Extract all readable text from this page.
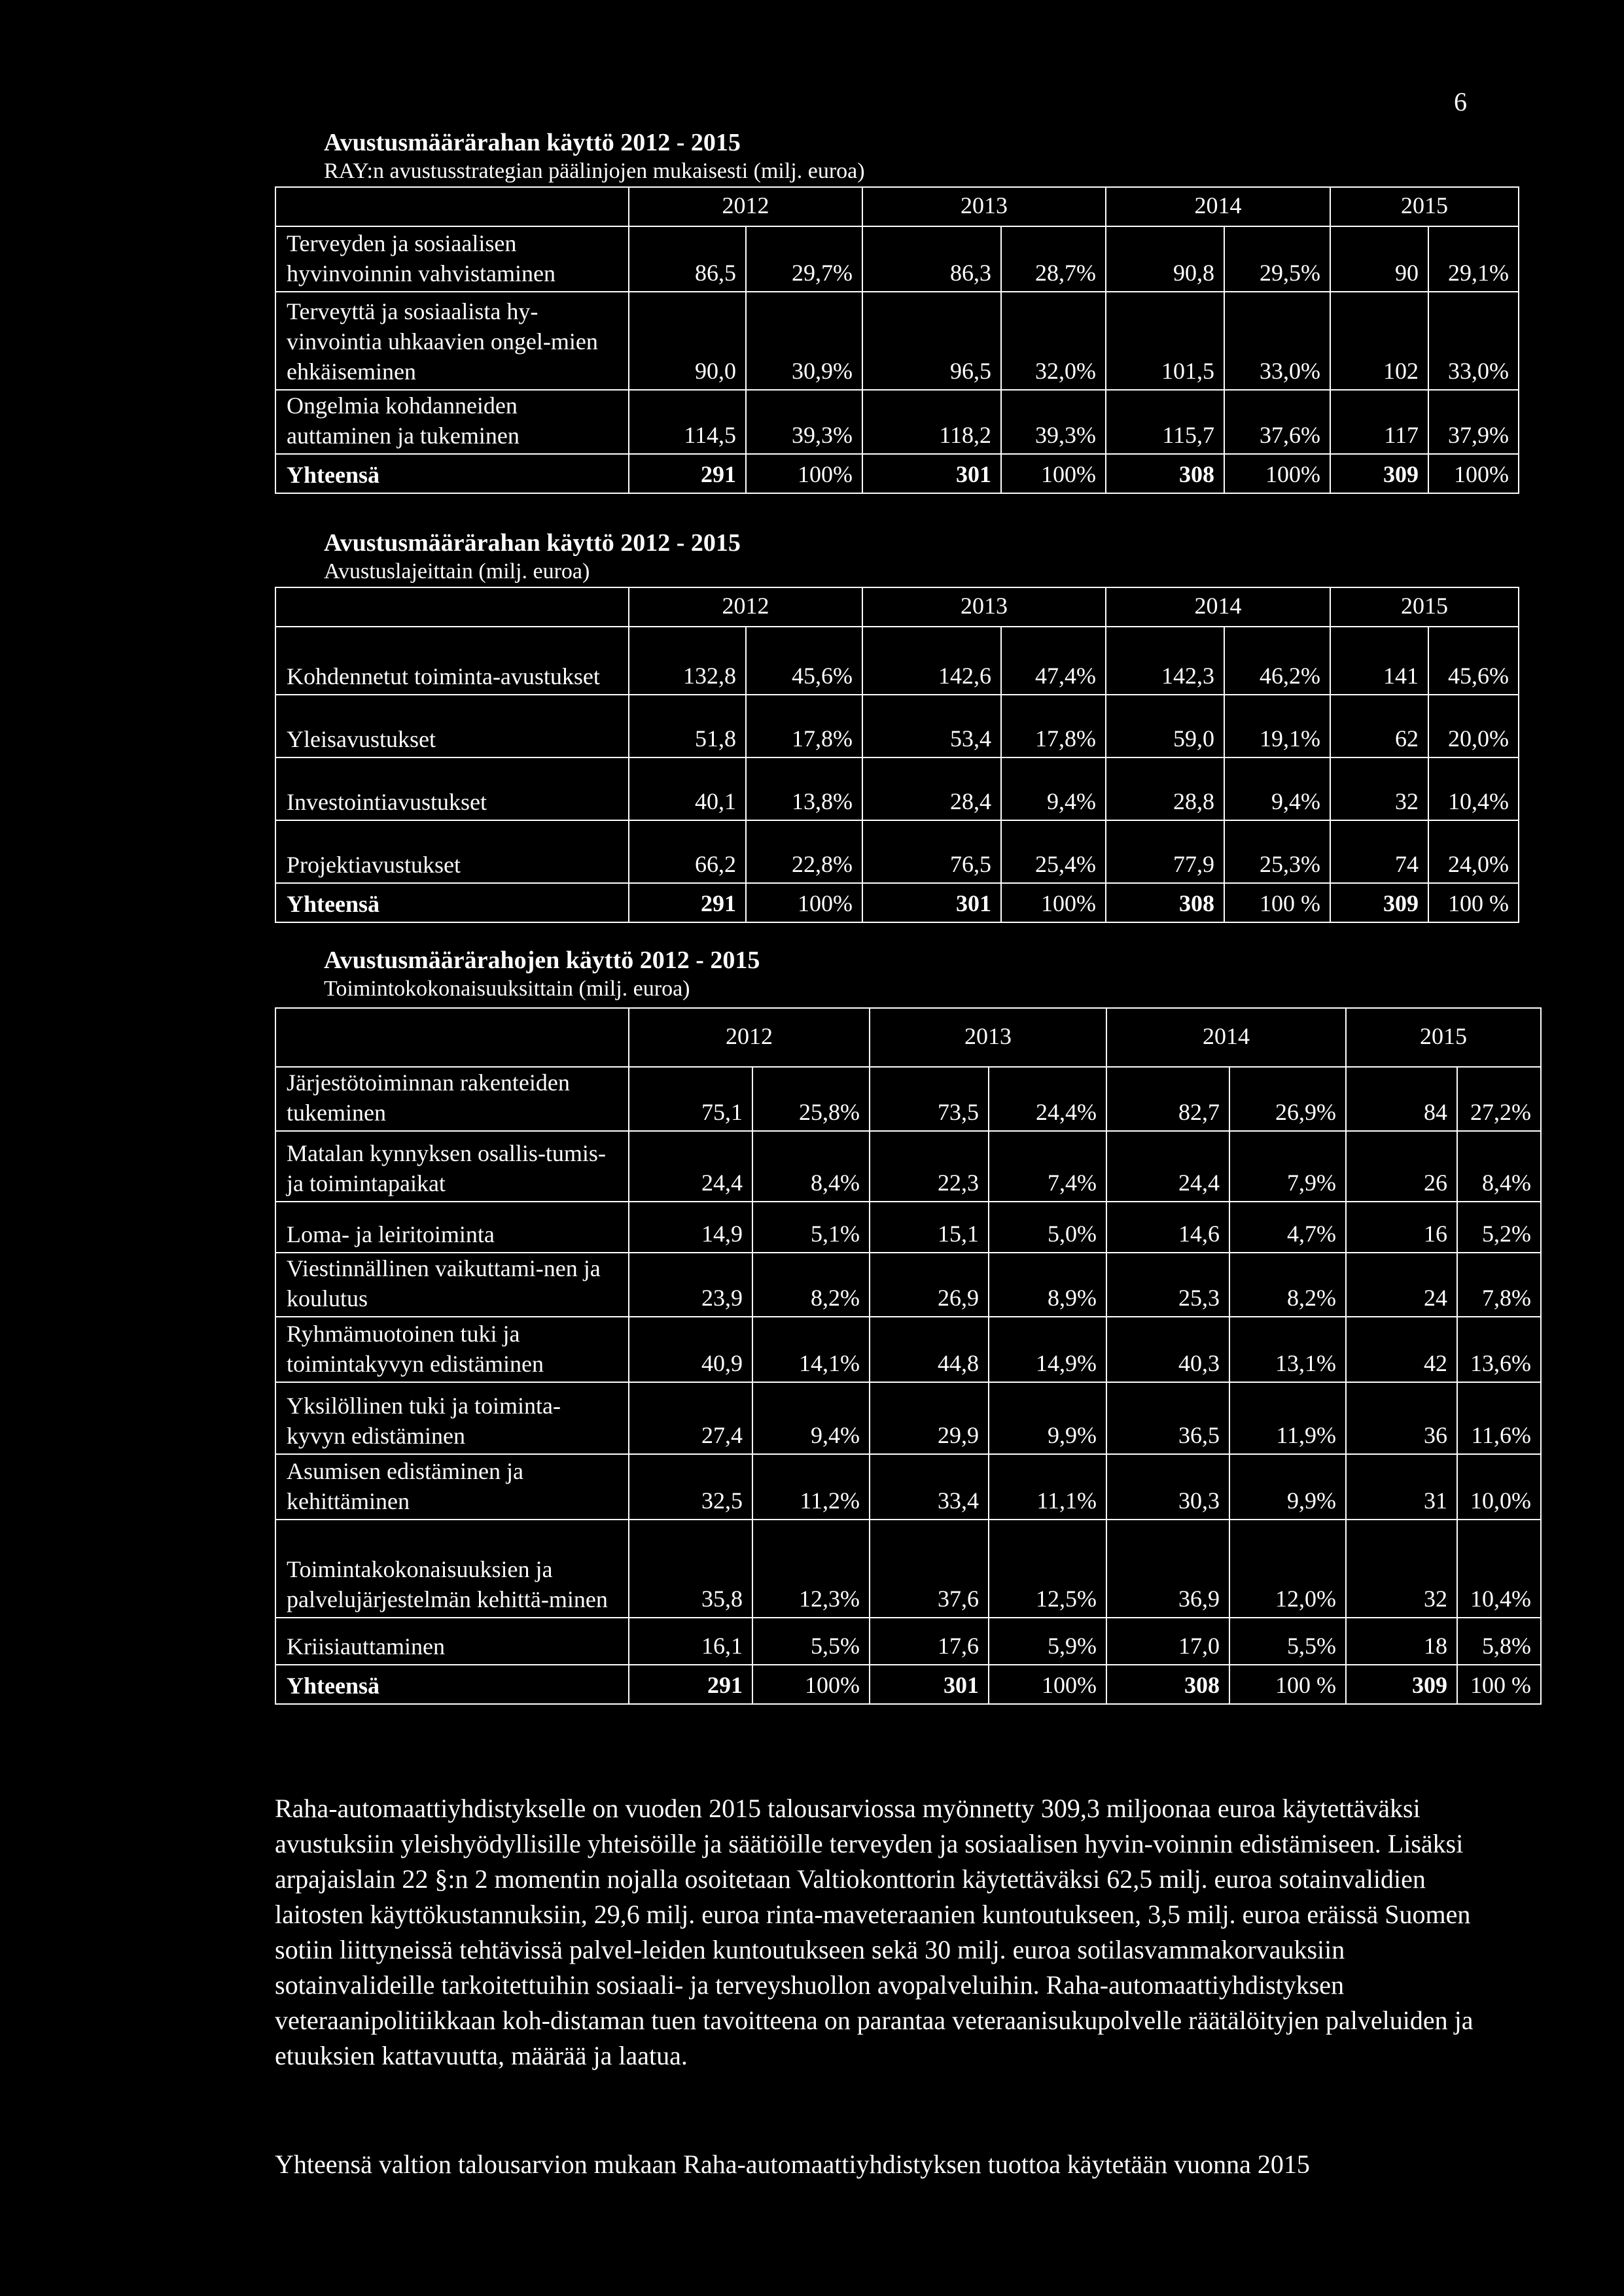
6
Avustusmäärärahan käyttö 2012 - 2015
RAY:n avustusstrategian päälinjojen mukaisesti (milj. euroa)
	2012		2013		2014		2015	
Terveyden ja sosiaalisen hyvinvoinnin vahvistaminen	86,5	29,7%	86,3	28,7%	90,8	29,5%	90	29,1%
Terveyttä ja sosiaalista hy-vinvointia uhkaavien ongel-mien ehkäiseminen	90,0	30,9%	96,5	32,0%	101,5	33,0%	102	33,0%
Ongelmia kohdanneiden auttaminen ja tukeminen	114,5	39,3%	118,2	39,3%	115,7	37,6%	117	37,9%
Yhteensä	291	100%	301	100%	308	100%	309	100%
Avustusmäärärahan käyttö 2012 - 2015
Avustuslajeittain (milj. euroa)
	2012		2013		2014		2015	
Kohdennetut toiminta-avustukset	132,8	45,6%	142,6	47,4%	142,3	46,2%	141	45,6%
Yleisavustukset	51,8	17,8%	53,4	17,8%	59,0	19,1%	62	20,0%
Investointiavustukset	40,1	13,8%	28,4	9,4%	28,8	9,4%	32	10,4%
Projektiavustukset	66,2	22,8%	76,5	25,4%	77,9	25,3%	74	24,0%
Yhteensä	291	100%	301	100%	308	100 %	309	100 %
Avustusmäärärahojen käyttö 2012 - 2015
Toimintokokonaisuuksittain (milj. euroa)
	2012		2013		2014		2015	
Järjestötoiminnan rakenteiden tukeminen	75,1	25,8%	73,5	24,4%	82,7	26,9%	84	27,2%
Matalan kynnyksen osallis-tumis- ja toimintapaikat	24,4	8,4%	22,3	7,4%	24,4	7,9%	26	8,4%
Loma- ja leiritoiminta	14,9	5,1%	15,1	5,0%	14,6	4,7%	16	5,2%
Viestinnällinen vaikuttami-nen ja koulutus	23,9	8,2%	26,9	8,9%	25,3	8,2%	24	7,8%
Ryhmämuotoinen tuki ja toimintakyvyn edistäminen	40,9	14,1%	44,8	14,9%	40,3	13,1%	42	13,6%
Yksilöllinen tuki ja toiminta-kyvyn edistäminen	27,4	9,4%	29,9	9,9%	36,5	11,9%	36	11,6%
Asumisen edistäminen ja kehittäminen	32,5	11,2%	33,4	11,1%	30,3	9,9%	31	10,0%
Toimintakokonaisuuksien ja palvelujärjestelmän kehittä-minen	35,8	12,3%	37,6	12,5%	36,9	12,0%	32	10,4%
Kriisiauttaminen	16,1	5,5%	17,6	5,9%	17,0	5,5%	18	5,8%
Yhteensä	291	100%	301	100%	308	100 %	309	100 %

Raha-automaattiyhdistykselle on vuoden 2015 talousarviossa myönnetty 309,3 miljoonaa euroa käytettäväksi avustuksiin yleishyödyllisille yhteisöille ja säätiöille terveyden ja sosiaalisen hyvin-voinnin edistämiseen. Lisäksi arpajaislain 22 §:n 2 momentin nojalla osoitetaan Valtiokonttorin käytettäväksi 62,5 milj. euroa sotainvalidien laitosten käyttökustannuksiin, 29,6 milj. euroa rinta-maveteraanien kuntoutukseen, 3,5 milj. euroa eräissä Suomen sotiin liittyneissä tehtävissä palvel-leiden kuntoutukseen sekä 30 milj. euroa sotilasvammakorvauksiin sotainvalideille tarkoitettuihin sosiaali- ja terveyshuollon avopalveluihin. Raha-automaattiyhdistyksen veteraanipolitiikkaan koh-distaman tuen tavoitteena on parantaa veteraanisukupolvelle räätälöityjen palveluiden ja etuuksien kattavuutta, määrää ja laatua.

Yhteensä valtion talousarvion mukaan Raha-automaattiyhdistyksen tuottoa käytetään vuonna 2015
